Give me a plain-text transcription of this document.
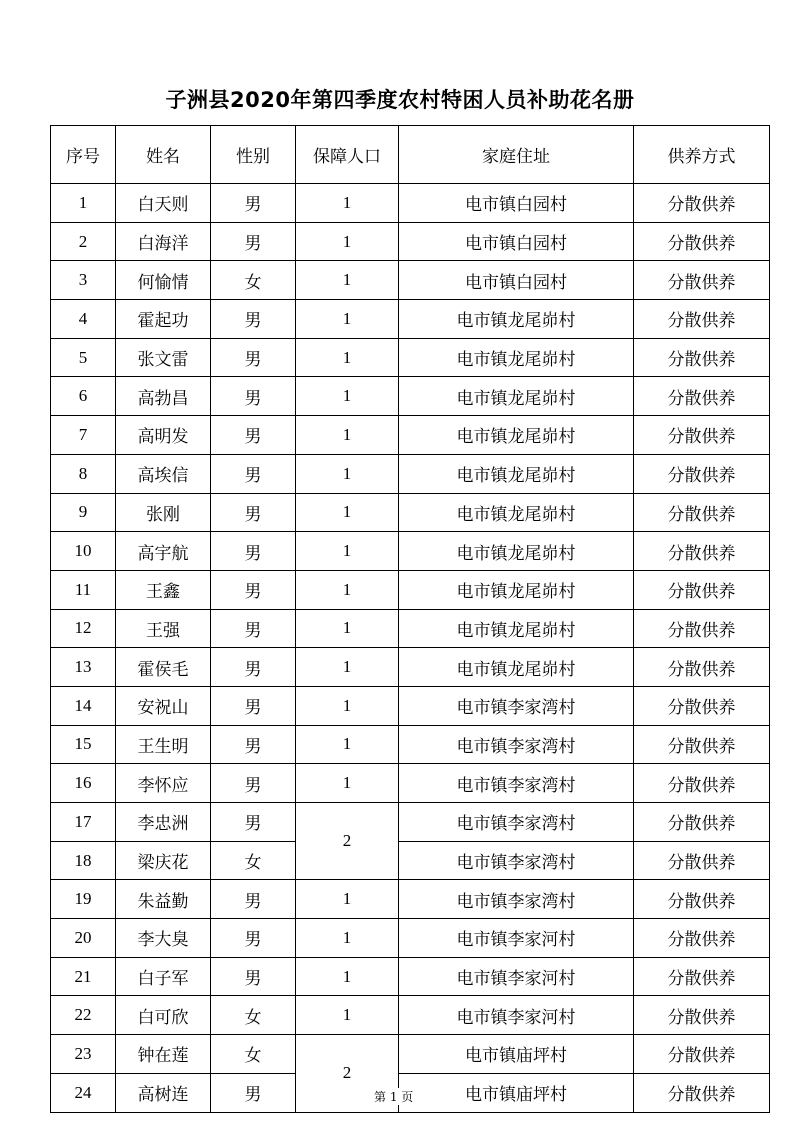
子洲县2020年第四季度农村特困人员补助花名册
序号	姓名	性别	保障人口	家庭住址	供养方式
1	白天则	男	1	电市镇白园村	分散供养
2	白海洋	男	1	电市镇白园村	分散供养
3	何愉情	女	1	电市镇白园村	分散供养
4	霍起功	男	1	电市镇龙尾峁村	分散供养
5	张文雷	男	1	电市镇龙尾峁村	分散供养
6	高勃昌	男	1	电市镇龙尾峁村	分散供养
7	高明发	男	1	电市镇龙尾峁村	分散供养
8	高埃信	男	1	电市镇龙尾峁村	分散供养
9	张刚	男	1	电市镇龙尾峁村	分散供养
10	高宇航	男	1	电市镇龙尾峁村	分散供养
11	王鑫	男	1	电市镇龙尾峁村	分散供养
12	王强	男	1	电市镇龙尾峁村	分散供养
13	霍侯毛	男	1	电市镇龙尾峁村	分散供养
14	安祝山	男	1	电市镇李家湾村	分散供养
15	王生明	男	1	电市镇李家湾村	分散供养
16	李怀应	男	1	电市镇李家湾村	分散供养
17	李忠洲	男	2	电市镇李家湾村	分散供养
18	梁庆花	女		电市镇李家湾村	分散供养
19	朱益勤	男	1	电市镇李家湾村	分散供养
20	李大臭	男	1	电市镇李家河村	分散供养
21	白子军	男	1	电市镇李家河村	分散供养
22	白可欣	女	1	电市镇李家河村	分散供养
23	钟在莲	女	2	电市镇庙坪村	分散供养
24	高树连	男		电市镇庙坪村	分散供养
第 1 页
